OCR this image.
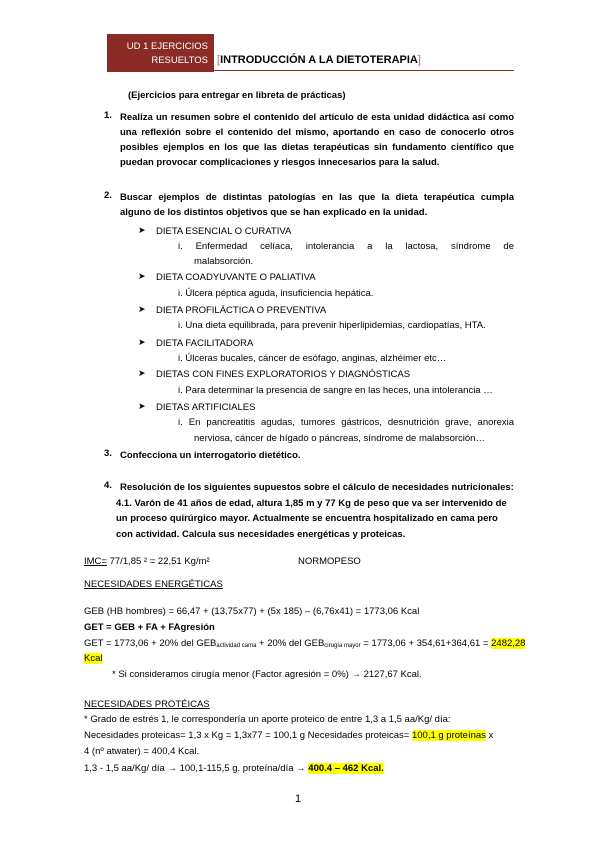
UD 1 EJERCICIOS
RESUELTOS [INTRODUCCIÓN A LA DIETOTERAPIA]
(Ejercicios para entregar en libreta de prácticas)
1. Realiza un resumen sobre el contenido del artículo de esta unidad didáctica así como
una reflexión sobre el contenido del mismo, aportando en caso de conocerlo otros
posibles ejemplos en los que las dietas terapéuticas sin fundamento científico que
puedan provocar complicaciones y riesgos innecesarios para la salud.
2. Buscar ejemplos de distintas patologías en las que la dieta terapéutica cumpla
alguno de los distintos objetivos que se han explicado en la unidad.
➤ DIETA ESENCIAL O CURATIVA
i. Enfermedad celíaca, intolerancia a la lactosa, síndrome de
malabsorción.
➤ DIETA COADYUVANTE O PALIATIVA
i. Úlcera péptica aguda, insuficiencia hepática.
➤ DIETA PROFILÁCTICA O PREVENTIVA
i. Una dieta equilibrada, para prevenir hiperlipidemias, cardiopatías, HTA.
➤ DIETA FACILITADORA
i. Úlceras bucales, cáncer de esófago, anginas, alzhéimer etc…
➤ DIETAS CON FINES EXPLORATORIOS Y DIAGNÓSTICAS
i. Para determinar la presencia de sangre en las heces, una intolerancia …
➤ DIETAS ARTIFICIALES
i. En pancreatitis agudas, tumores gástricos, desnutrición grave, anorexia
nerviosa, cáncer de hígado o páncreas, síndrome de malabsorción…
3. Confecciona un interrogatorio dietético.
4. Resolución de los siguientes supuestos sobre el cálculo de necesidades nutricionales:
4.1. Varón de 41 años de edad, altura 1,85 m y 77 Kg de peso que va ser intervenido de
un proceso quirúrgico mayor. Actualmente se encuentra hospitalizado en cama pero
con actividad. Calcula sus necesidades energéticas y proteicas.
IMC= 77/1,85 ² = 22,51 Kg/m²	NORMOPESO
NECESIDADES ENERGÉTICAS
GEB (HB hombres) = 66,47 + (13,75x77) + (5x 185) – (6,76x41) = 1773,06 Kcal
GET = GEB + FA + FAgresión
GET = 1773,06 + 20% del $GEB_{actividad cama} + 20\%$ del $GEB_{cirugía mayor} = 1773,06 + 354,61+364,61 = 2482,28$
Kcal
* Si consideramos cirugía menor (Factor agresión = 0%) → 2127,67 Kcal.
NECESIDADES PROTÉICAS
* Grado de estrés 1, le correspondería un aporte proteico de entre 1,3 a 1,5 aa/Kg/ día:
Necesidades proteicas= 1,3 x Kg = 1,3x77 = 100,1 g Necesidades proteicas= 100,1 g proteínas x
4 (nº atwater) = 400,4 Kcal.
1,3 - 1,5 aa/Kg/ día → 100,1-115,5 g. proteína/día → 400.4 – 462 Kcal.
1
